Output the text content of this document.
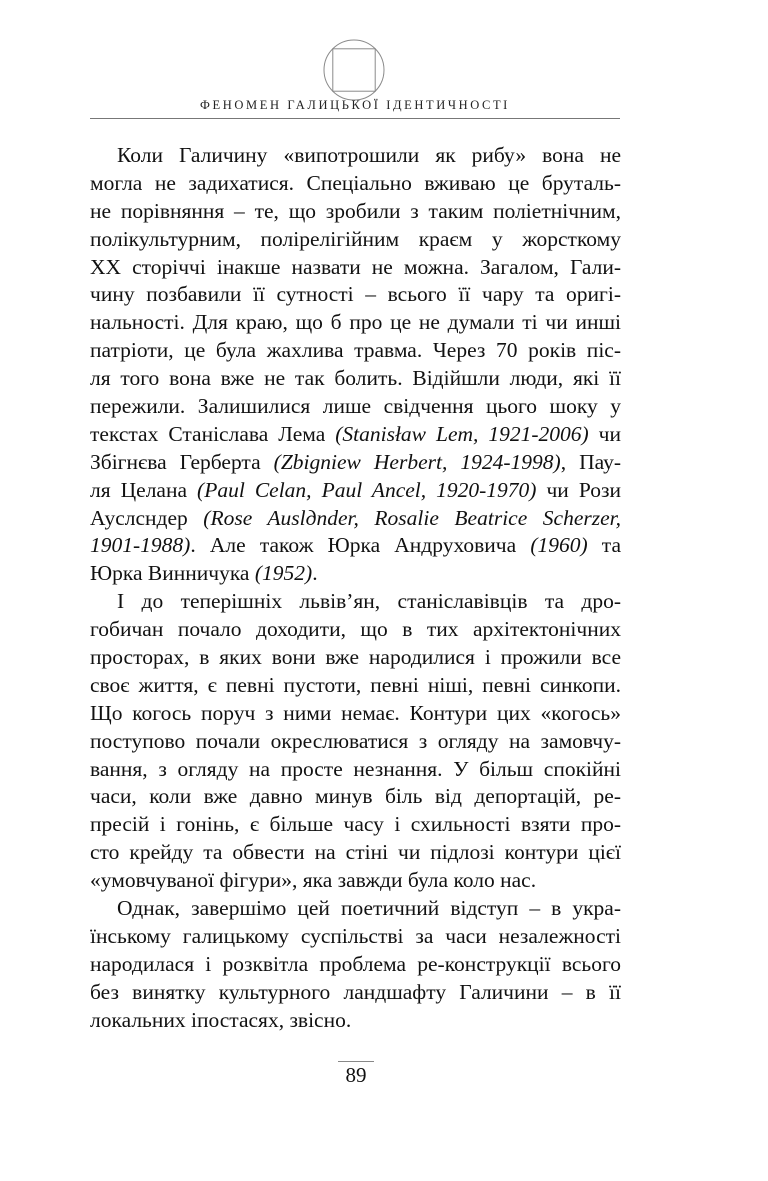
ФЕНОМЕН ГАЛИЦЬКОЇ ІДЕНТИЧНОСТІ
Коли Галичину «випотрошили як рибу» вона не
могла не задихатися. Спеціально вживаю це бруталь-
не порівняння – те, що зробили з таким поліетнічним,
полікультурним, полірелігійним краєм у жорсткому
XX сторіччі інакше назвати не можна. Загалом, Гали-
чину позбавили її сутності – всього її чару та оригі-
нальності. Для краю, що б про це не думали ті чи инші
патріоти, це була жахлива травма. Через 70 років піс-
ля того вона вже не так болить. Відійшли люди, які її
пережили. Залишилися лише свідчення цього шоку у
текстах Станіслава Лема (Stanisław Lem, 1921-2006) чи
Збігнєва Герберта (Zbigniew Herbert, 1924-1998), Пау-
ля Целана (Paul Celan, Paul Ancel, 1920-1970) чи Рози
Ауслсндер (Rose Auslдnder, Rosalie Beatrice Scherzer,
1901-1988). Але також Юрка Андруховича (1960) та
Юрка Винничука (1952).
І до теперішніх львів’ян, станіславівців та дро-
гобичан почало доходити, що в тих архітектонічних
просторах, в яких вони вже народилися і прожили все
своє життя, є певні пустоти, певні ніші, певні синкопи.
Що когось поруч з ними немає. Контури цих «когось»
поступово почали окреслюватися з огляду на замовчу-
вання, з огляду на просте незнання. У більш спокійні
часи, коли вже давно минув біль від депортацій, ре-
пресій і гонінь, є більше часу і схильності взяти про-
сто крейду та обвести на стіні чи підлозі контури цієї
«умовчуваної фігури», яка завжди була коло нас.
Однак, завершімо цей поетичний відступ – в укра-
їнському галицькому суспільстві за часи незалежності
народилася і розквітла проблема ре-конструкції всього
без винятку культурного ландшафту Галичини – в її
локальних іпостасях, звісно.
89
